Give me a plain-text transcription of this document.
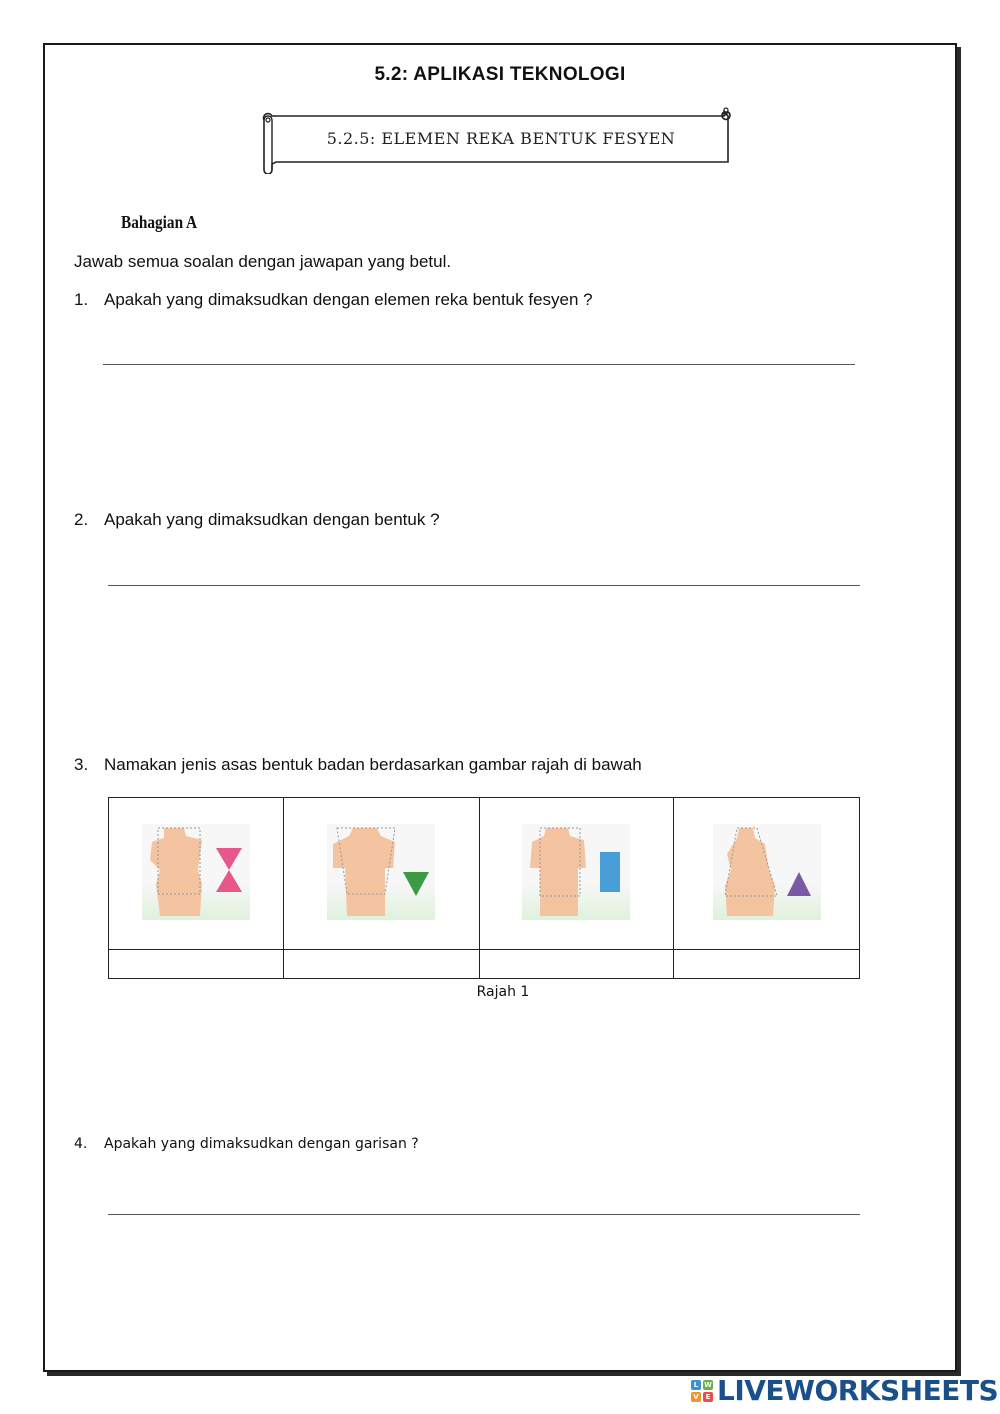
5.2: APLIKASI TEKNOLOGI
5.2.5: ELEMEN REKA BENTUK FESYEN
Bahagian A
Jawab semua soalan dengan jawapan yang betul.
1. Apakah yang dimaksudkan dengan elemen reka bentuk fesyen ?
2. Apakah yang dimaksudkan dengan bentuk ?
3. Namakan jenis asas bentuk badan berdasarkan gambar rajah di bawah

Rajah 1
4. Apakah yang dimaksudkan dengan garisan ?
L W
V E LIVEWORKSHEETS
